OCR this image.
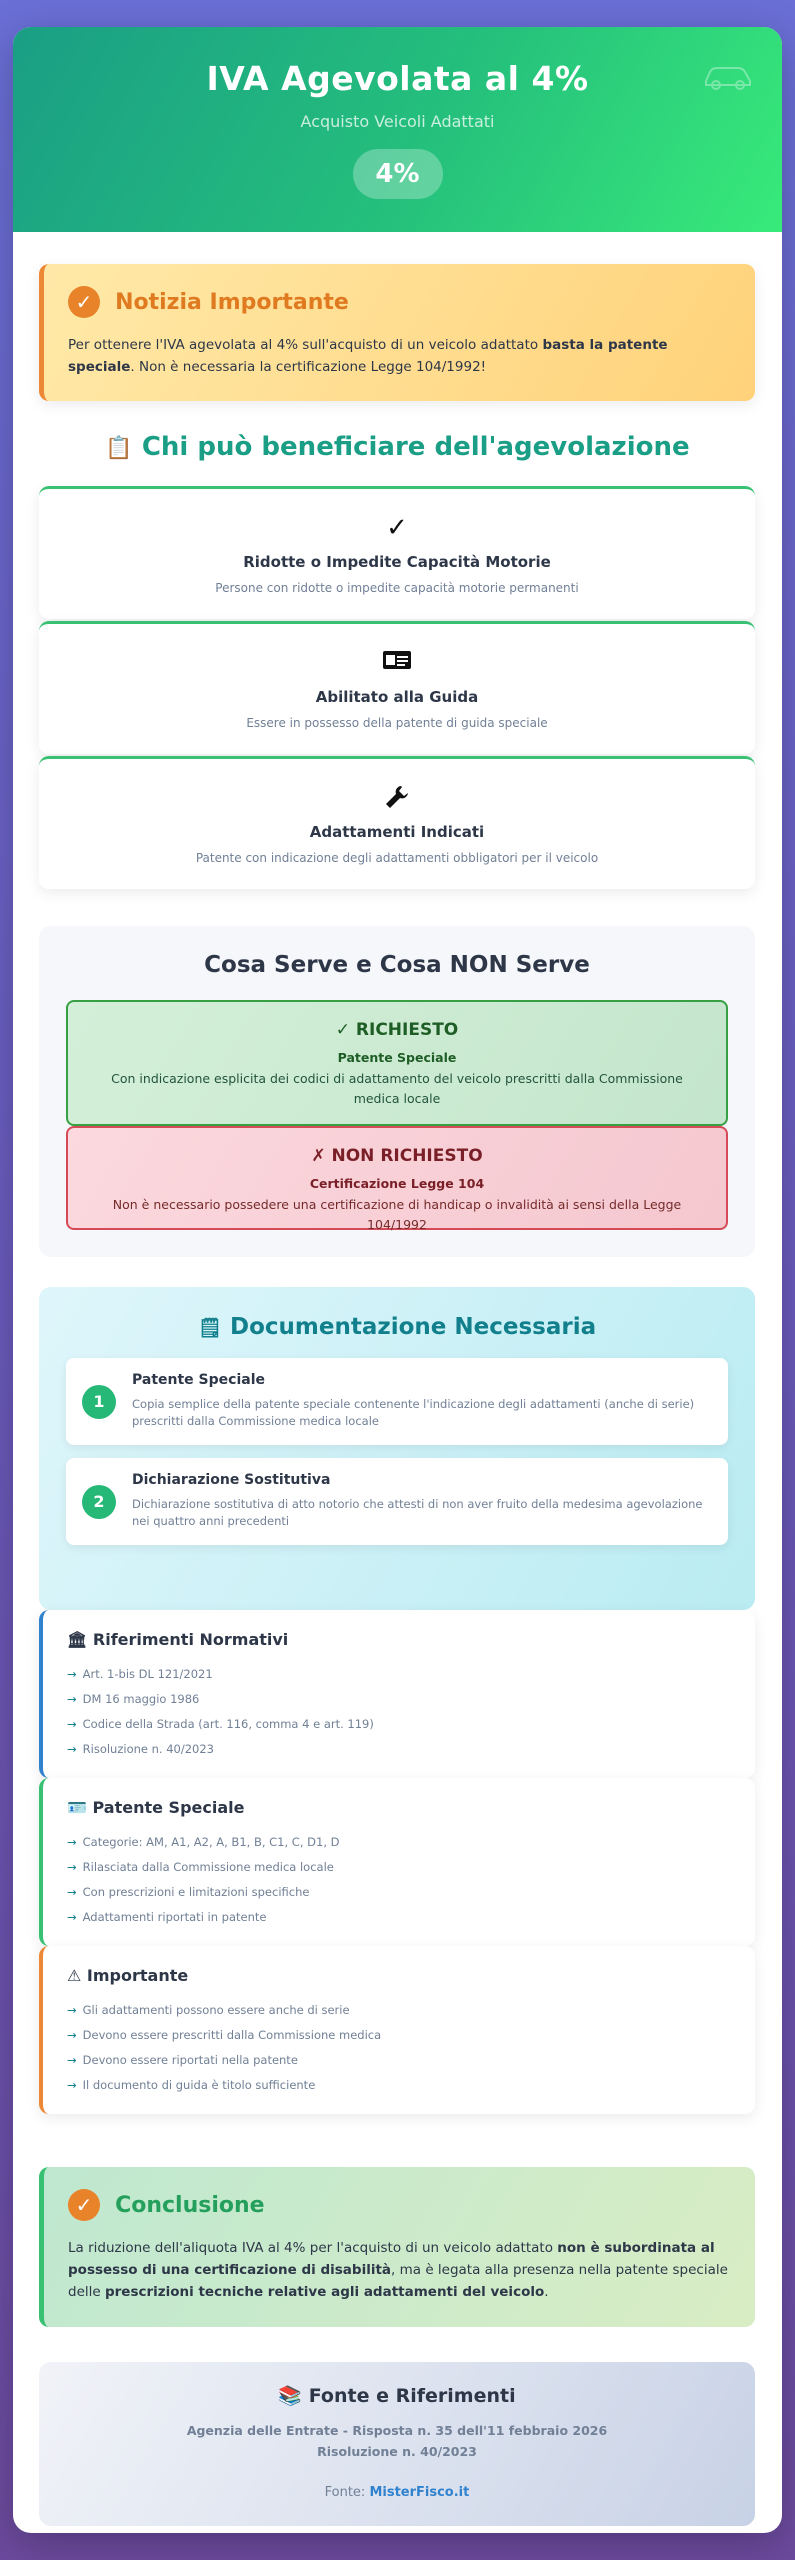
IVA Agevolata al 4%
Acquisto Veicoli Adattati
4%
✓ Notizia Importante
Per ottenere l'IVA agevolata al 4% sull'acquisto di un veicolo adattato basta la patente speciale. Non è necessaria la certificazione Legge 104/1992!
📋 Chi può beneficiare dell'agevolazione
✓
Ridotte o Impedite Capacità Motorie
Persone con ridotte o impedite capacità motorie permanenti
Abilitato alla Guida
Essere in possesso della patente di guida speciale
Adattamenti Indicati
Patente con indicazione degli adattamenti obbligatori per il veicolo
Cosa Serve e Cosa NON Serve
✓ RICHIESTO
Patente Speciale
Con indicazione esplicita dei codici di adattamento del veicolo prescritti dalla Commissione medica locale
✗ NON RICHIESTO
Certificazione Legge 104
Non è necessario possedere una certificazione di handicap o invalidità ai sensi della Legge 104/1992
🗒 Documentazione Necessaria
1
Patente Speciale
Copia semplice della patente speciale contenente l'indicazione degli adattamenti (anche di serie) prescritti dalla Commissione medica locale
2
Dichiarazione Sostitutiva
Dichiarazione sostitutiva di atto notorio che attesti di non aver fruito della medesima agevolazione nei quattro anni precedenti
🏛 Riferimenti Normativi
→ Art. 1-bis DL 121/2021
→ DM 16 maggio 1986
→ Codice della Strada (art. 116, comma 4 e art. 119)
→ Risoluzione n. 40/2023
🪪 Patente Speciale
→ Categorie: AM, A1, A2, A, B1, B, C1, C, D1, D
→ Rilasciata dalla Commissione medica locale
→ Con prescrizioni e limitazioni specifiche
→ Adattamenti riportati in patente
⚠ Importante
→ Gli adattamenti possono essere anche di serie
→ Devono essere prescritti dalla Commissione medica
→ Devono essere riportati nella patente
→ Il documento di guida è titolo sufficiente
✓ Conclusione
La riduzione dell'aliquota IVA al 4% per l'acquisto di un veicolo adattato non è subordinata al possesso di una certificazione di disabilità, ma è legata alla presenza nella patente speciale delle prescrizioni tecniche relative agli adattamenti del veicolo.
📚 Fonte e Riferimenti
Agenzia delle Entrate - Risposta n. 35 dell'11 febbraio 2026
Risoluzione n. 40/2023
Fonte: MisterFisco.it
